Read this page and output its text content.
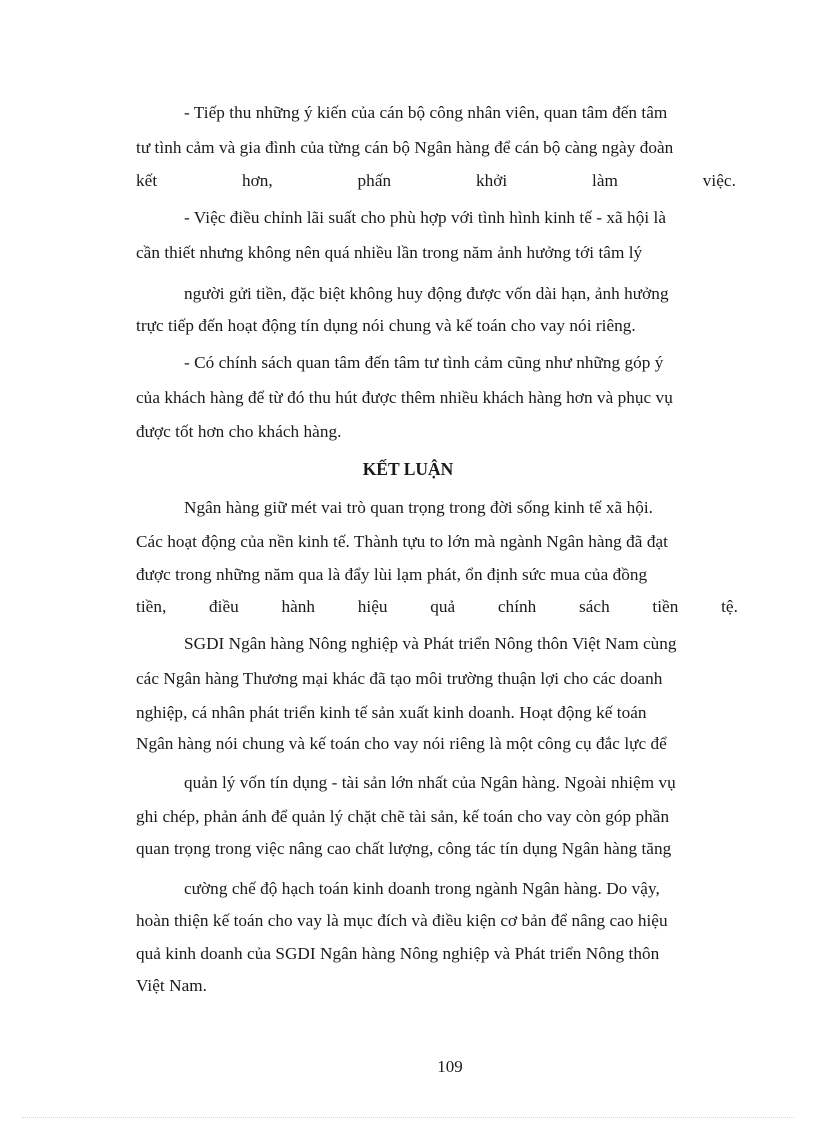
- Tiếp thu những ý kiến của cán bộ công nhân viên, quan tâm đến tâm
tư tình cảm và gia đình của từng cán bộ Ngân hàng để cán bộ càng ngày đoàn
kết	hơn,	phấn	khởi	làm	việc.
- Việc điều chỉnh lãi suất cho phù hợp với tình hình kinh tế - xã hội là
cần thiết nhưng không nên quá nhiều lần trong năm ảnh hưởng tới tâm lý
người gửi tiền, đặc biệt không huy động được vốn dài hạn, ảnh hưởng
trực tiếp đến hoạt động tín dụng nói chung và kế toán cho vay nói riêng.
- Có chính sách quan tâm đến tâm tư tình cảm cũng như những góp ý
của khách hàng để từ đó thu hút được thêm nhiều khách hàng hơn và phục vụ
được tốt hơn cho khách hàng.
KẾT LUẬN
Ngân hàng giữ mét vai trò quan trọng trong đời sống kinh tế xã hội.
Các hoạt động của nền kinh tế. Thành tựu to lớn mà ngành Ngân hàng đã đạt
được trong những năm qua là đẩy lùi lạm phát, ổn định sức mua của đồng
tiền, điều hành hiệu quả chính sách tiền tệ.
SGDI Ngân hàng Nông nghiệp và Phát triển Nông thôn Việt Nam cùng
các Ngân hàng Thương mại khác đã tạo môi trường thuận lợi cho các doanh
nghiệp, cá nhân phát triển kinh tế sản xuất kinh doanh. Hoạt động kế toán
Ngân hàng nói chung và kế toán cho vay nói riêng là một công cụ đắc lực để
quản lý vốn tín dụng - tài sản lớn nhất của Ngân hàng. Ngoài nhiệm vụ
ghi chép, phản ánh để quản lý chặt chẽ tài sản, kế toán cho vay còn góp phần
quan trọng trong việc nâng cao chất lượng, công tác tín dụng Ngân hàng tăng
cường chế độ hạch toán kinh doanh trong ngành Ngân hàng. Do vậy,
hoàn thiện kế toán cho vay là mục đích và điều kiện cơ bản để nâng cao hiệu
quả kinh doanh của SGDI Ngân hàng Nông nghiệp và Phát triển Nông thôn
Việt Nam.
109
